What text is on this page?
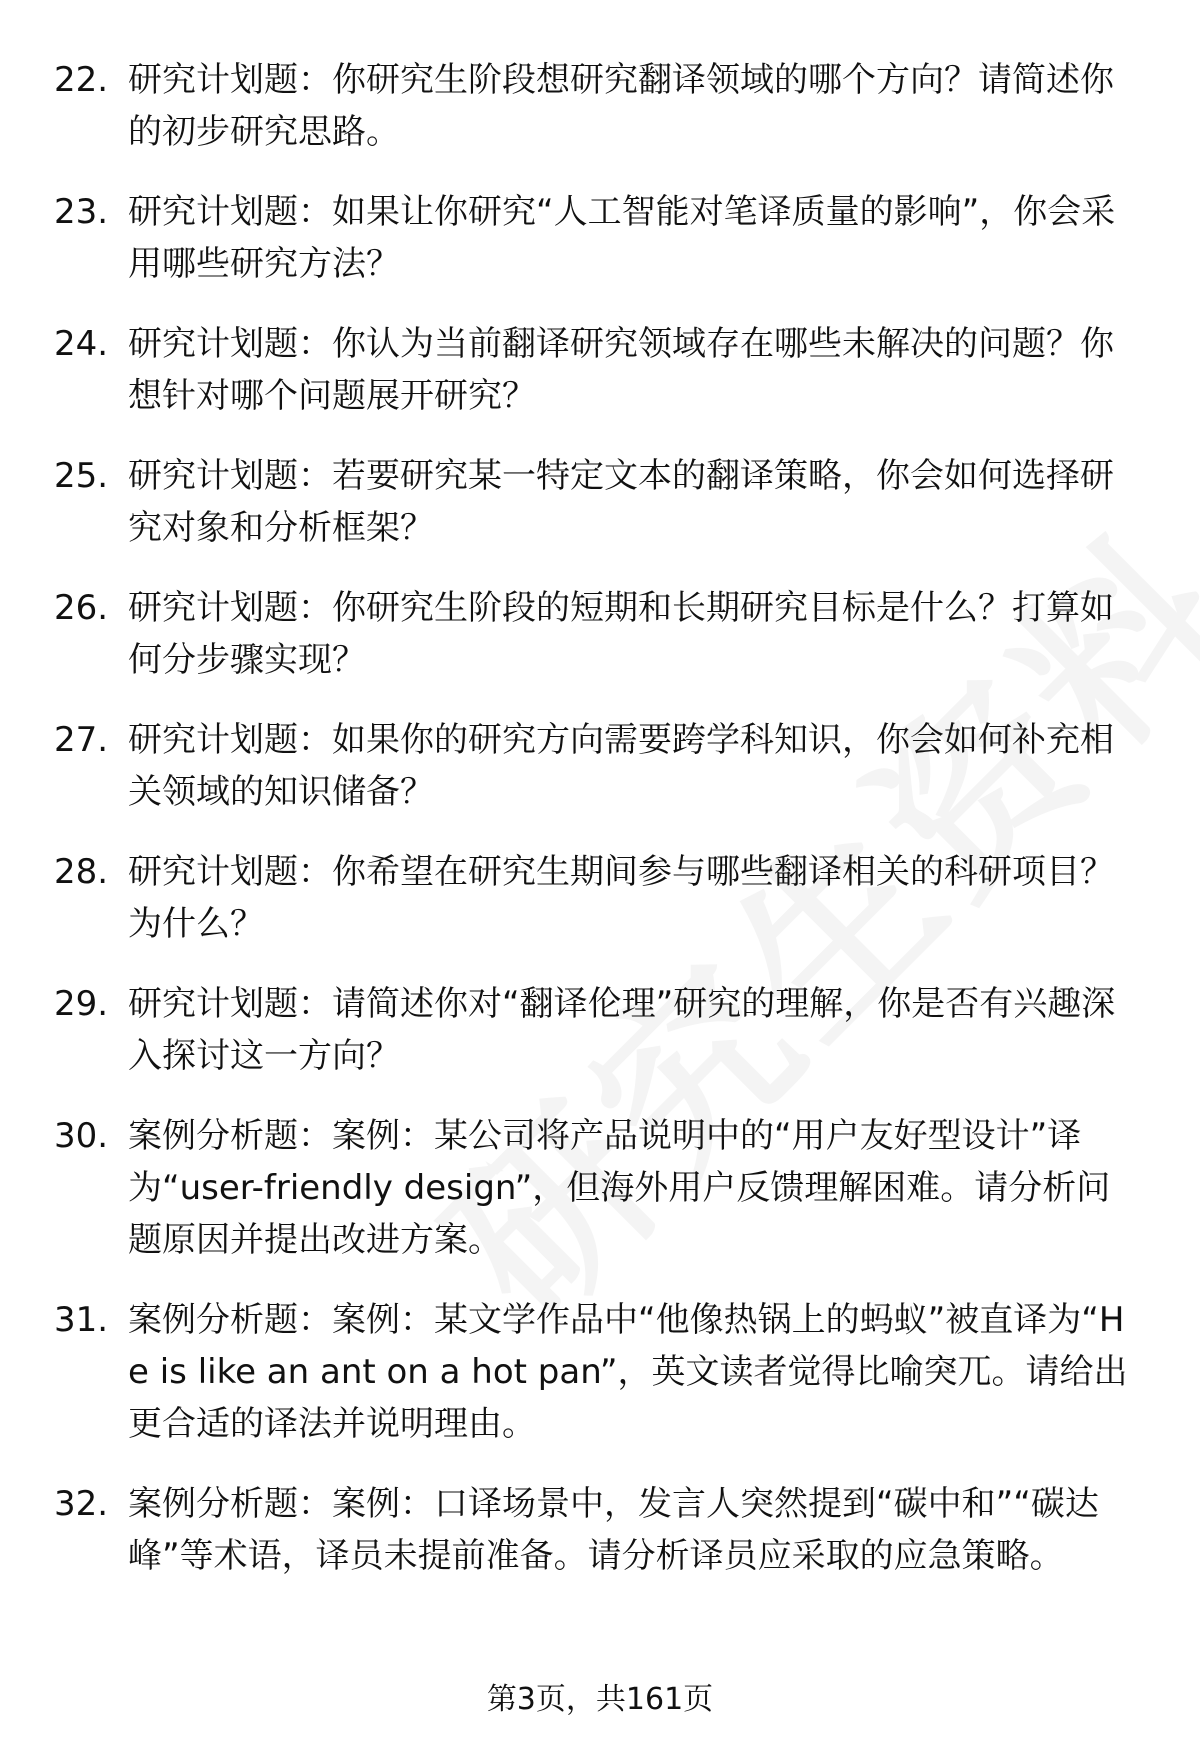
22. 研究计划题：你研究生阶段想研究翻译领域的哪个方向？请简述你的初步研究思路。
23. 研究计划题：如果让你研究“人工智能对笔译质量的影响”，你会采用哪些研究方法？
24. 研究计划题：你认为当前翻译研究领域存在哪些未解决的问题？你想针对哪个问题展开研究？
25. 研究计划题：若要研究某一特定文本的翻译策略，你会如何选择研究对象和分析框架？
26. 研究计划题：你研究生阶段的短期和长期研究目标是什么？打算如何分步骤实现？
27. 研究计划题：如果你的研究方向需要跨学科知识，你会如何补充相关领域的知识储备？
28. 研究计划题：你希望在研究生期间参与哪些翻译相关的科研项目？为什么？
29. 研究计划题：请简述你对“翻译伦理”研究的理解，你是否有兴趣深入探讨这一方向？
30. 案例分析题：案例：某公司将产品说明中的“用户友好型设计”译为“user-friendly design”，但海外用户反馈理解困难。请分析问题原因并提出改进方案。
31. 案例分析题：案例：某文学作品中“他像热锅上的蚂蚁”被直译为“He is like an ant on a hot pan”，英文读者觉得比喻突兀。请给出更合适的译法并说明理由。
32. 案例分析题：案例：口译场景中，发言人突然提到“碳中和”“碳达峰”等术语，译员未提前准备。请分析译员应采取的应急策略。
第3页，共161页
